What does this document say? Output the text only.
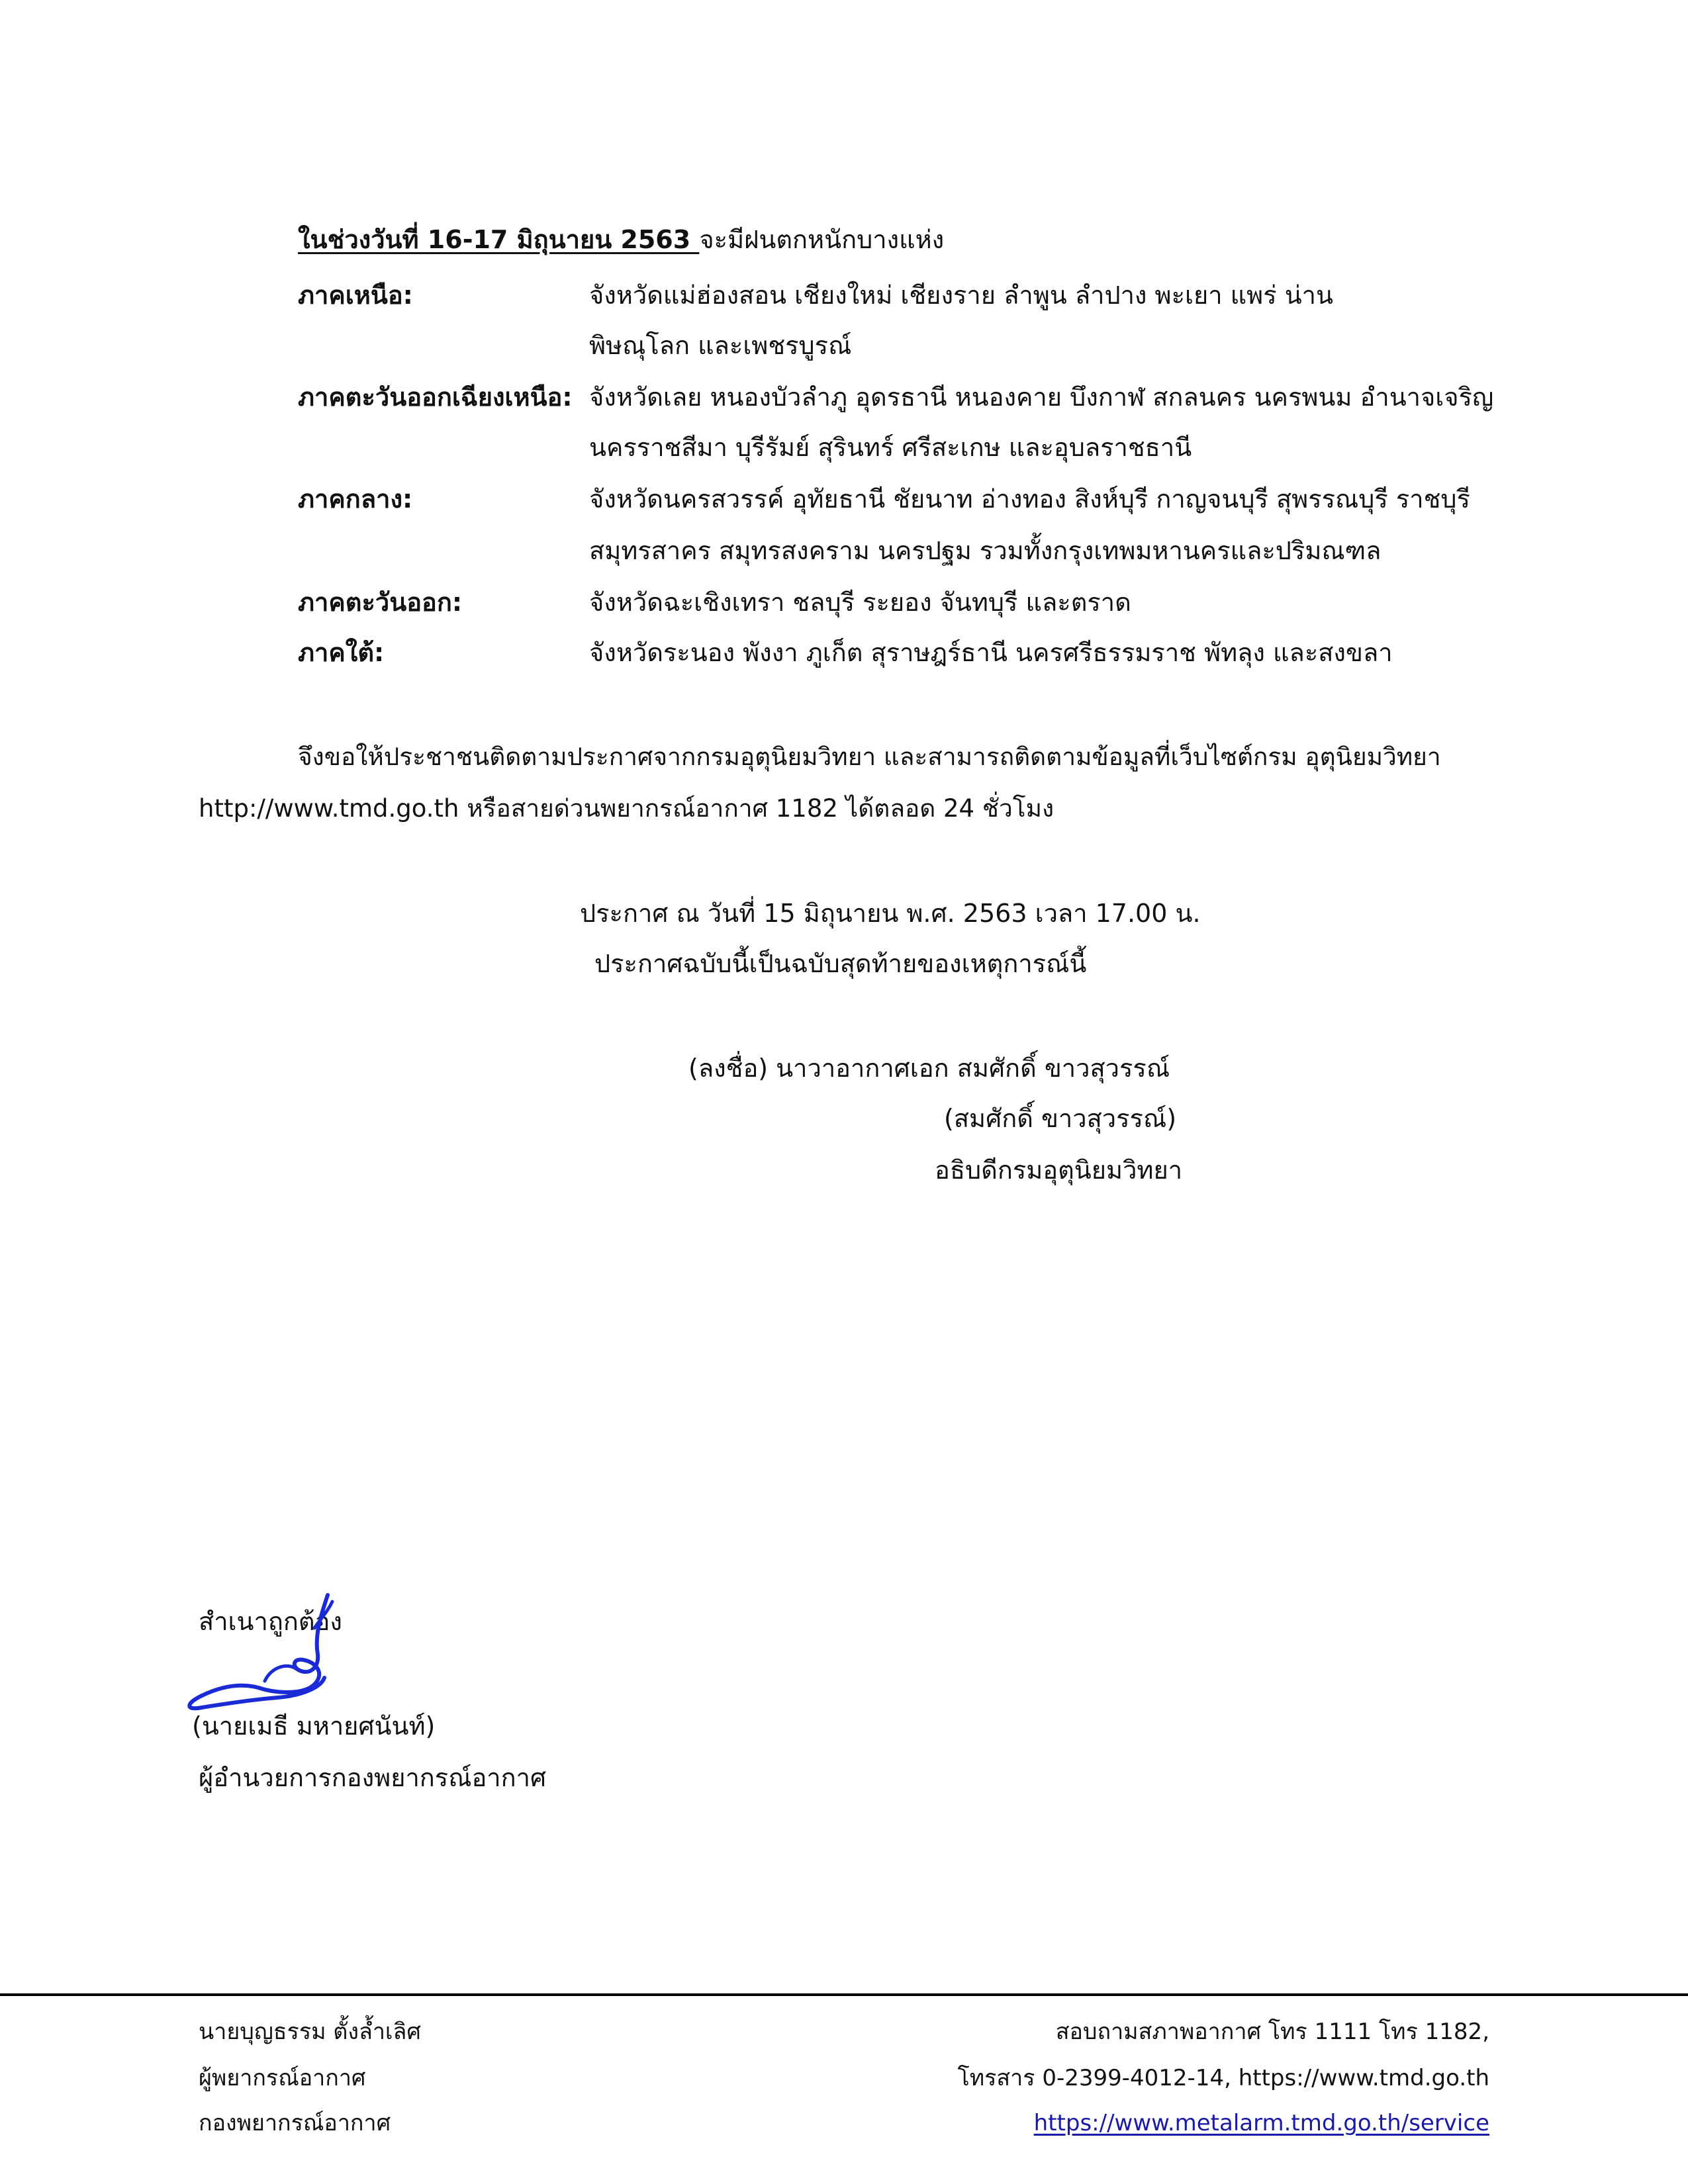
ในช่วงวันที่ 16-17 มิถุนายน 2563 จะมีฝนตกหนักบางแห่ง
ภาคเหนือ:	จังหวัดแม่ฮ่องสอน เชียงใหม่ เชียงราย ลำพูน ลำปาง พะเยา แพร่ น่าน
พิษณุโลก และเพชรบูรณ์
ภาคตะวันออกเฉียงเหนือ: จังหวัดเลย หนองบัวลำภู อุดรธานี หนองคาย บึงกาฬ สกลนคร นครพนม อำนาจเจริญ
นครราชสีมา บุรีรัมย์ สุรินทร์ ศรีสะเกษ และอุบลราชธานี
ภาคกลาง:	จังหวัดนครสวรรค์ อุทัยธานี ชัยนาท อ่างทอง สิงห์บุรี กาญจนบุรี สุพรรณบุรี ราชบุรี
สมุทรสาคร สมุทรสงคราม นครปฐม รวมทั้งกรุงเทพมหานครและปริมณฑล
ภาคตะวันออก:	จังหวัดฉะเชิงเทรา ชลบุรี ระยอง จันทบุรี และตราด
ภาคใต้:	จังหวัดระนอง พังงา ภูเก็ต สุราษฎร์ธานี นครศรีธรรมราช พัทลุง และสงขลา
จึงขอให้ประชาชนติดตามประกาศจากกรมอุตุนิยมวิทยา และสามารถติดตามข้อมูลที่เว็บไซต์กรม อุตุนิยมวิทยา
http://www.tmd.go.th หรือสายด่วนพยากรณ์อากาศ 1182 ได้ตลอด 24 ชั่วโมง
ประกาศ ณ วันที่ 15 มิถุนายน พ.ศ. 2563 เวลา 17.00 น.
ประกาศฉบับนี้เป็นฉบับสุดท้ายของเหตุการณ์นี้
(ลงชื่อ) นาวาอากาศเอก สมศักดิ์ ขาวสุวรรณ์
(สมศักดิ์ ขาวสุวรรณ์)
อธิบดีกรมอุตุนิยมวิทยา
สำเนาถูกต้อง
(นายเมธี มหายศนันท์)
ผู้อำนวยการกองพยากรณ์อากาศ
นายบุญธรรม ตั้งล้ำเลิศ
ผู้พยากรณ์อากาศ
กองพยากรณ์อากาศ
สอบถามสภาพอากาศ โทร 1111 โทร 1182,
โทรสาร 0-2399-4012-14, https://www.tmd.go.th
https://www.metalarm.tmd.go.th/service
